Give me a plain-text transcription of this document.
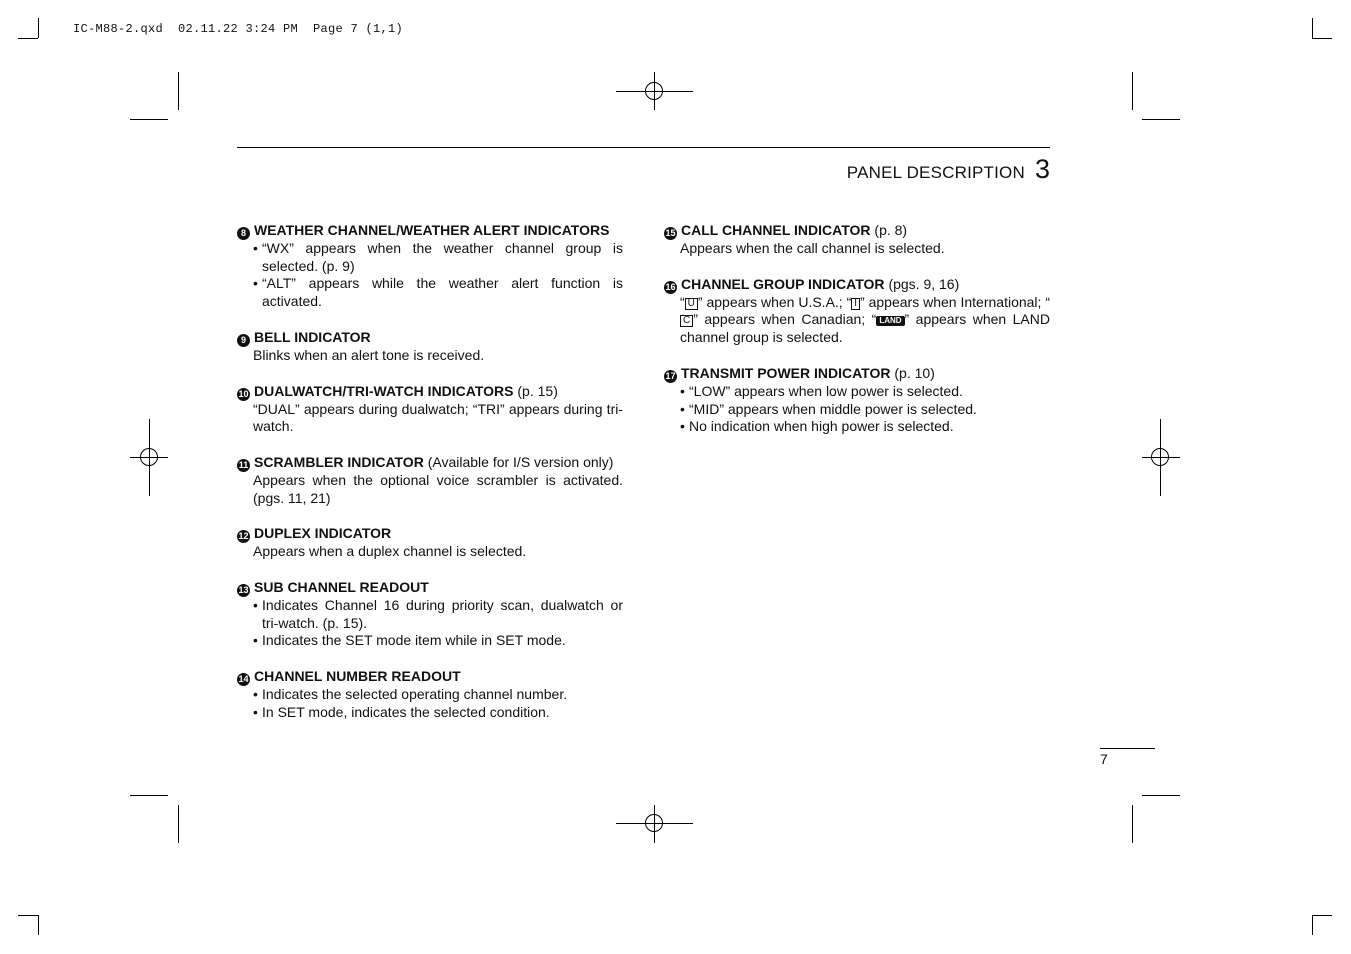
IC-M88-2.qxd  02.11.22 3:24 PM  Page 7 (1,1)
PANEL DESCRIPTION 3
8 WEATHER CHANNEL/WEATHER ALERT INDICATORS
• “WX” appears when the weather channel group is selected. (p. 9)
• “ALT” appears while the weather alert function is activated.
9 BELL INDICATOR

Blinks when an alert tone is received.

10 DUALWATCH/TRI-WATCH INDICATORS (p. 15)

“DUAL” appears during dualwatch; “TRI” appears during tri-watch.

11 SCRAMBLER INDICATOR (Available for I/S version only)

Appears when the optional voice scrambler is activated. (pgs. 11, 21)

12 DUPLEX INDICATOR

Appears when a duplex channel is selected.

13 SUB CHANNEL READOUT
• Indicates Channel 16 during priority scan, dualwatch or tri-watch. (p. 15).
• Indicates the SET mode item while in SET mode.
14 CHANNEL NUMBER READOUT
• Indicates the selected operating channel number.
• In SET mode, indicates the selected condition.
15 CALL CHANNEL INDICATOR (p. 8)

Appears when the call channel is selected.

16 CHANNEL GROUP INDICATOR (pgs. 9, 16)

“ U ” appears when U.S.A.; “ I ” appears when International; “C ” appears when Canadian; “ LAND ” appears when LAND channel group is selected.

17 TRANSMIT POWER INDICATOR (p. 10)
• “LOW” appears when low power is selected.
• “MID” appears when middle power is selected.
• No indication when high power is selected.
7
